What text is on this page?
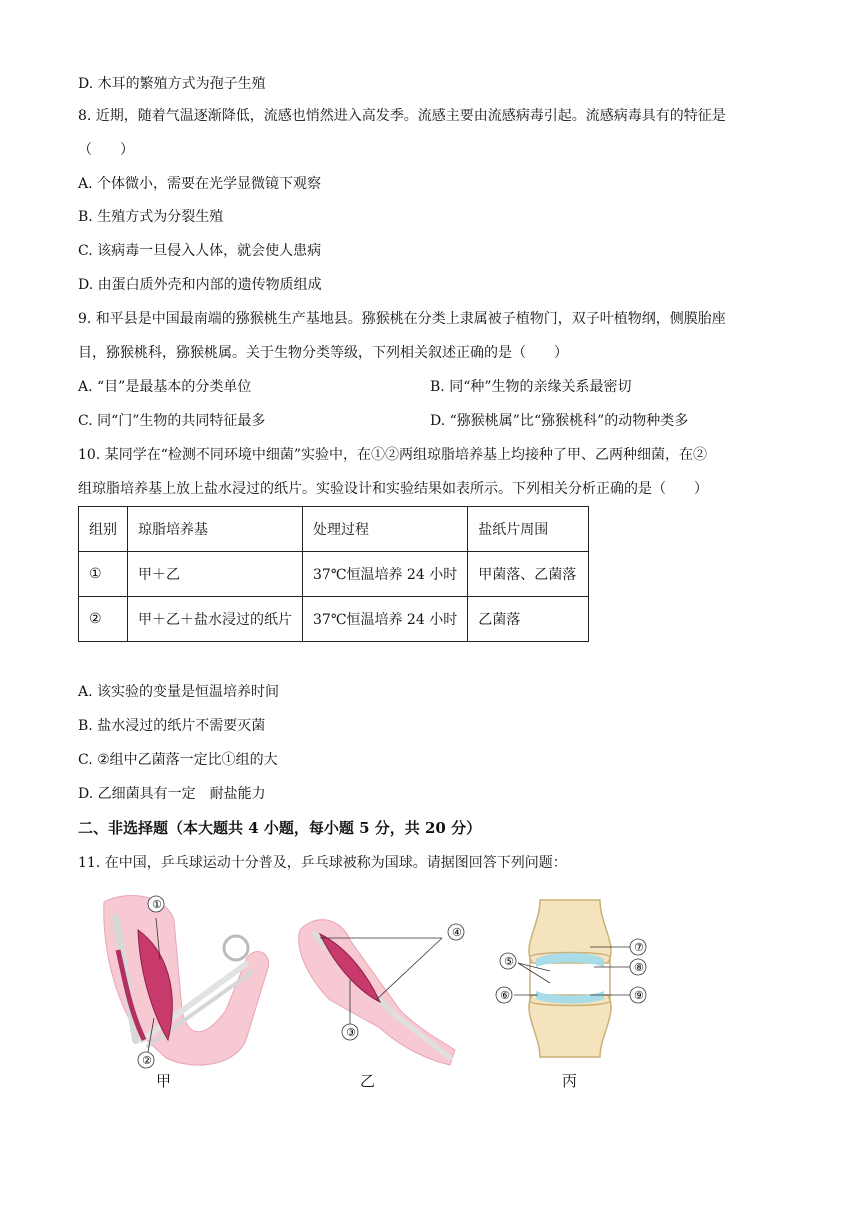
D. 木耳的繁殖方式为孢子生殖
8. 近期，随着气温逐渐降低，流感也悄然进入高发季。流感主要由流感病毒引起。流感病毒具有的特征是
（　　）
A. 个体微小，需要在光学显微镜下观察
B. 生殖方式为分裂生殖
C. 该病毒一旦侵入人体，就会使人患病
D. 由蛋白质外壳和内部的遗传物质组成
9. 和平县是中国最南端的猕猴桃生产基地县。猕猴桃在分类上隶属被子植物门，双子叶植物纲，侧膜胎座
目，猕猴桃科，猕猴桃属。关于生物分类等级，下列相关叙述正确的是（　　）
A. “目”是最基本的分类单位	B. 同“种”生物的亲缘关系最密切
C. 同“门”生物的共同特征最多	D. “猕猴桃属”比“猕猴桃科”的动物种类多
10. 某同学在“检测不同环境中细菌”实验中，在①②两组琼脂培养基上均接种了甲、乙两种细菌，在②
组琼脂培养基上放上盐水浸过的纸片。实验设计和实验结果如表所示。下列相关分析正确的是（　　）
组别	琼脂培养基	处理过程	盐纸片周围
①	甲＋乙	37℃恒温培养 24 小时	甲菌落、乙菌落
②	甲＋乙＋盐水浸过的纸片	37℃恒温培养 24 小时	乙菌落
A. 该实验的变量是恒温培养时间
B. 盐水浸过的纸片不需要灭菌
C. ②组中乙菌落一定比①组的大
D. 乙细菌具有一定　耐盐能力
二、非选择题（本大题共 4 小题，每小题 5 分，共 20 分）
11. 在中国，乒乓球运动十分普及，乒乓球被称为国球。请据图回答下列问题：
①
②
④
③
⑤
⑥
⑦
⑧
⑨
甲	乙	丙
